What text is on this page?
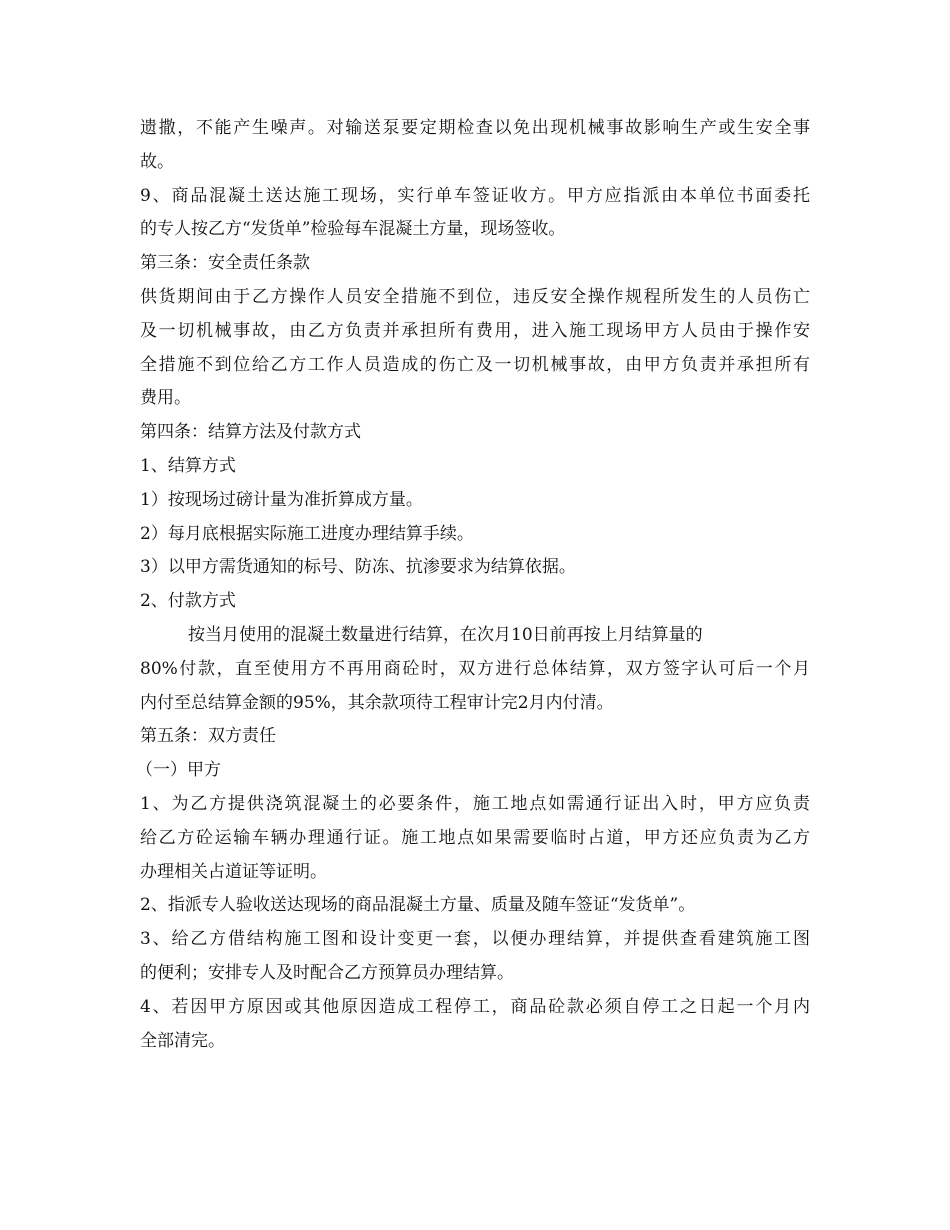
遗撒，不能产生噪声。对输送泵要定期检查以免出现机械事故影响生产或生安全事
故。
9、商品混凝土送达施工现场，实行单车签证收方。甲方应指派由本单位书面委托
的专人按乙方“发货单”检验每车混凝土方量，现场签收。
第三条：安全责任条款
供货期间由于乙方操作人员安全措施不到位，违反安全操作规程所发生的人员伤亡
及一切机械事故，由乙方负责并承担所有费用，进入施工现场甲方人员由于操作安
全措施不到位给乙方工作人员造成的伤亡及一切机械事故，由甲方负责并承担所有
费用。
第四条：结算方法及付款方式
1、结算方式
1）按现场过磅计量为准折算成方量。
2）每月底根据实际施工进度办理结算手续。
3）以甲方需货通知的标号、防冻、抗渗要求为结算依据。
2、付款方式
按当月使用的混凝土数量进行结算，在次月10日前再按上月结算量的
80%付款，直至使用方不再用商砼时，双方进行总体结算，双方签字认可后一个月
内付至总结算金额的95%，其余款项待工程审计完2月内付清。
第五条：双方责任
（一）甲方
1、为乙方提供浇筑混凝土的必要条件，施工地点如需通行证出入时，甲方应负责
给乙方砼运输车辆办理通行证。施工地点如果需要临时占道，甲方还应负责为乙方
办理相关占道证等证明。
2、指派专人验收送达现场的商品混凝土方量、质量及随车签证“发货单”。
3、给乙方借结构施工图和设计变更一套，以便办理结算，并提供查看建筑施工图
的便利；安排专人及时配合乙方预算员办理结算。
4、若因甲方原因或其他原因造成工程停工，商品砼款必须自停工之日起一个月内
全部清完。
